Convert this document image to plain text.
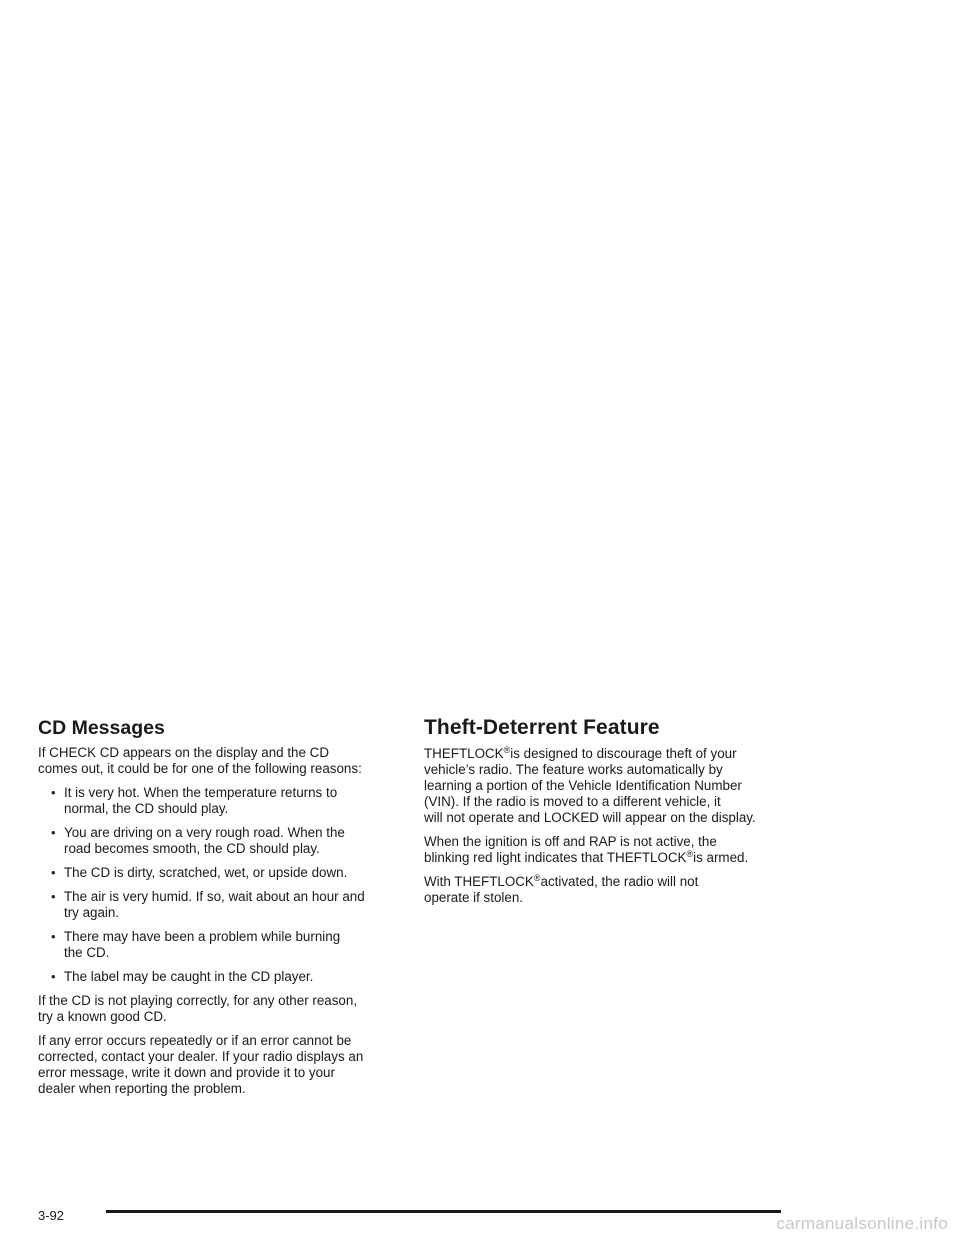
CD Messages

If CHECK CD appears on the display and the CD
comes out, it could be for one of the following reasons:

• It is very hot. When the temperature returns to
normal, the CD should play.
• You are driving on a very rough road. When the
road becomes smooth, the CD should play.
• The CD is dirty, scratched, wet, or upside down.
• The air is very humid. If so, wait about an hour and
try again.
• There may have been a problem while burning
the CD.
• The label may be caught in the CD player.

If the CD is not playing correctly, for any other reason,
try a known good CD.

If any error occurs repeatedly or if an error cannot be
corrected, contact your dealer. If your radio displays an
error message, write it down and provide it to your
dealer when reporting the problem.

Theft-Deterrent Feature

THEFTLOCK®is designed to discourage theft of your
vehicle’s radio. The feature works automatically by
learning a portion of the Vehicle Identification Number
(VIN). If the radio is moved to a different vehicle, it
will not operate and LOCKED will appear on the display.

When the ignition is off and RAP is not active, the
blinking red light indicates that THEFTLOCK®is armed.

With THEFTLOCK®activated, the radio will not
operate if stolen.

3-92	carmanualsonline.info
